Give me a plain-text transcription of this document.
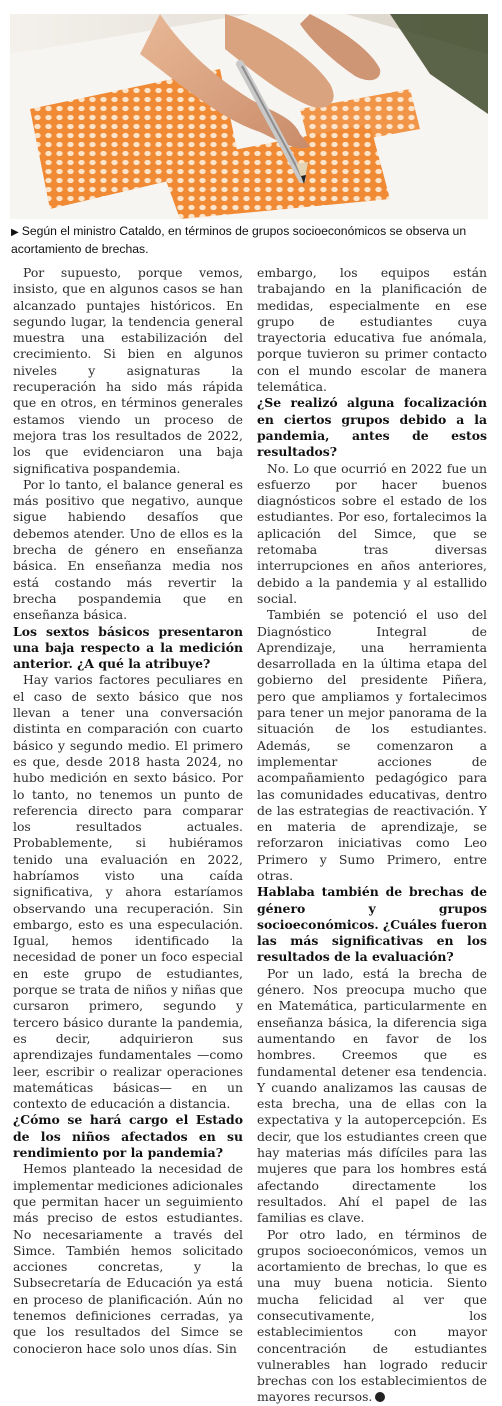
▶ Según el ministro Cataldo, en términos de grupos socioeconómicos se observa un acortamiento de brechas.

Por supuesto, porque vemos, insisto, que en algunos casos se han alcanzado puntajes históricos. En segundo lugar, la tendencia general muestra una estabilización del crecimiento. Si bien en algunos niveles y asignaturas la recuperación ha sido más rápida que en otros, en términos generales estamos viendo un proceso de mejora tras los resultados de 2022, los que evidenciaron una baja significativa pospandemia.

Por lo tanto, el balance general es más positivo que negativo, aunque sigue habiendo desafíos que debemos atender. Uno de ellos es la brecha de género en enseñanza básica. En enseñanza media nos está costando más revertir la brecha pospandemia que en enseñanza básica.

Los sextos básicos presentaron una baja respecto a la medición anterior. ¿A qué la atribuye?

Hay varios factores peculiares en el caso de sexto básico que nos llevan a tener una conversación distinta en comparación con cuarto básico y segundo medio. El primero es que, desde 2018 hasta 2024, no hubo medición en sexto básico. Por lo tanto, no tenemos un punto de referencia directo para comparar los resultados actuales. Probablemente, si hubiéramos tenido una evaluación en 2022, habríamos visto una caída significativa, y ahora estaríamos observando una recuperación. Sin embargo, esto es una especulación. Igual, hemos identificado la necesidad de poner un foco especial en este grupo de estudiantes, porque se trata de niños y niñas que cursaron primero, segundo y tercero básico durante la pandemia, es decir, adquirieron sus aprendizajes fundamentales —como leer, escribir o realizar operaciones matemáticas básicas— en un contexto de educación a distancia.

¿Cómo se hará cargo el Estado de los niños afectados en su rendimiento por la pandemia?

Hemos planteado la necesidad de implementar mediciones adicionales que permitan hacer un seguimiento más preciso de estos estudiantes. No necesariamente a través del Simce. También hemos solicitado acciones concretas, y la Subsecretaría de Educación ya está en proceso de planificación. Aún no tenemos definiciones cerradas, ya que los resultados del Simce se conocieron hace solo unos días. Sin

embargo, los equipos están trabajando en la planificación de medidas, especialmente en ese grupo de estudiantes cuya trayectoria educativa fue anómala, porque tuvieron su primer contacto con el mundo escolar de manera telemática.

¿Se realizó alguna focalización en ciertos grupos debido a la pandemia, antes de estos resultados?

No. Lo que ocurrió en 2022 fue un esfuerzo por hacer buenos diagnósticos sobre el estado de los estudiantes. Por eso, fortalecimos la aplicación del Simce, que se retomaba tras diversas interrupciones en años anteriores, debido a la pandemia y al estallido social.

También se potenció el uso del Diagnóstico Integral de Aprendizaje, una herramienta desarrollada en la última etapa del gobierno del presidente Piñera, pero que ampliamos y fortalecimos para tener un mejor panorama de la situación de los estudiantes. Además, se comenzaron a implementar acciones de acompañamiento pedagógico para las comunidades educativas, dentro de las estrategias de reactivación. Y en materia de aprendizaje, se reforzaron iniciativas como Leo Primero y Sumo Primero, entre otras.

Hablaba también de brechas de género y grupos socioeconómicos. ¿Cuáles fueron las más significativas en los resultados de la evaluación?

Por un lado, está la brecha de género. Nos preocupa mucho que en Matemática, particularmente en enseñanza básica, la diferencia siga aumentando en favor de los hombres. Creemos que es fundamental detener esa tendencia. Y cuando analizamos las causas de esta brecha, una de ellas con la expectativa y la autopercepción. Es decir, que los estudiantes creen que hay materias más difíciles para las mujeres que para los hombres está afectando directamente los resultados. Ahí el papel de las familias es clave.

Por otro lado, en términos de grupos socioeconómicos, vemos un acortamiento de brechas, lo que es una muy buena noticia. Siento mucha felicidad al ver que consecutivamente, los establecimientos con mayor concentración de estudiantes vulnerables han logrado reducir brechas con los establecimientos de mayores recursos.
